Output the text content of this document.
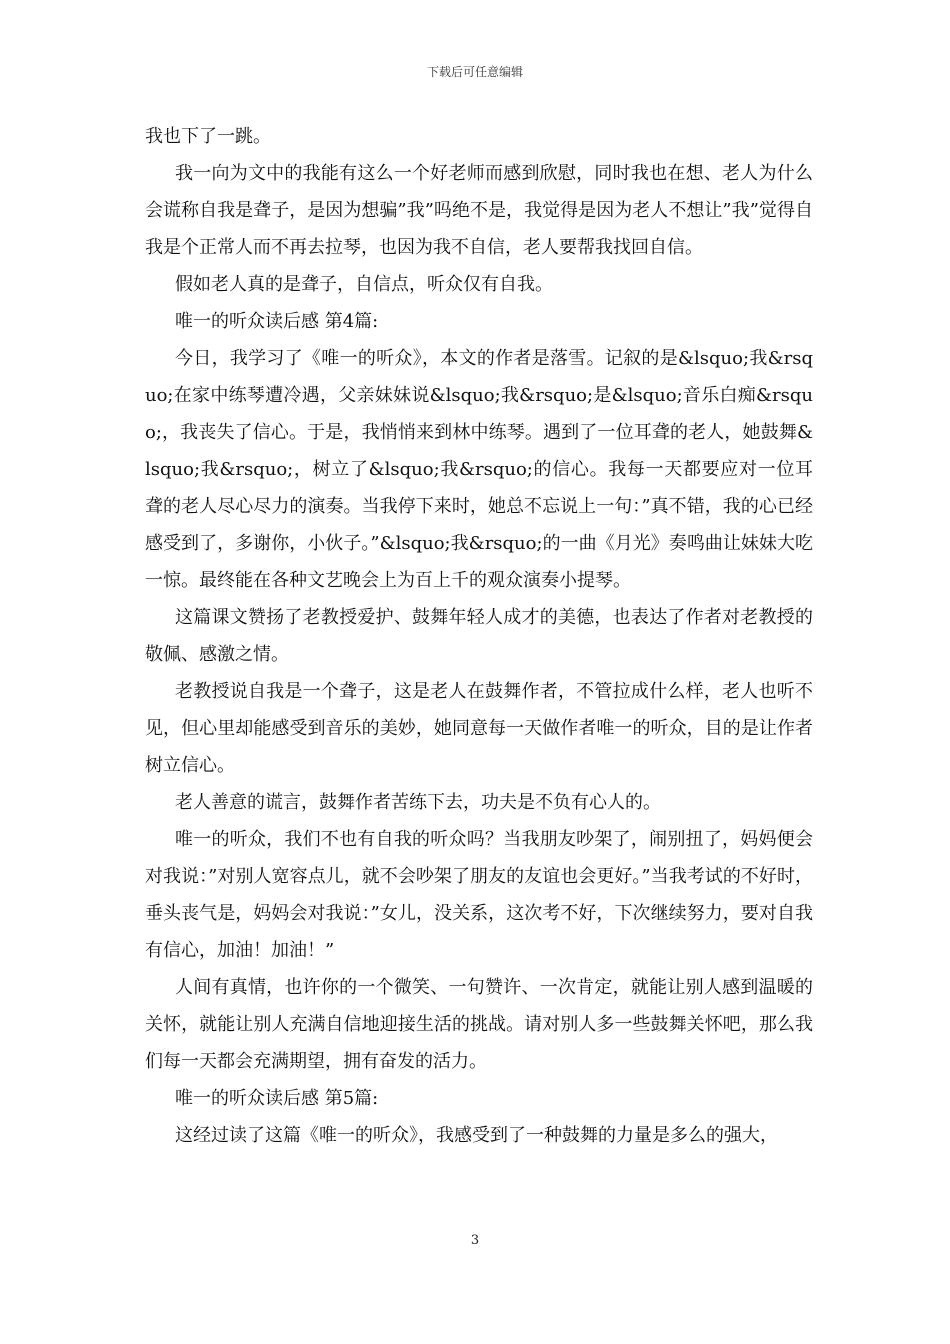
下载后可任意编辑

我也下了一跳。

我一向为文中的我能有这么一个好老师而感到欣慰，同时我也在想、老人为什么会谎称自我是聋子，是因为想骗”我”吗绝不是，我觉得是因为老人不想让”我”觉得自我是个正常人而不再去拉琴，也因为我不自信，老人要帮我找回自信。

假如老人真的是聋子，自信点，听众仅有自我。

唯一的听众读后感 第4篇:

今日，我学习了《唯一的听众》，本文的作者是落雪。记叙的是&lsquo;我&rsquo;在家中练琴遭冷遇，父亲妹妹说&lsquo;我&rsquo;是&lsquo;音乐白痴&rsquo;，我丧失了信心。于是，我悄悄来到林中练琴。遇到了一位耳聋的老人，她鼓舞&lsquo;我&rsquo;，树立了&lsquo;我&rsquo;的信心。我每一天都要应对一位耳聋的老人尽心尽力的演奏。当我停下来时，她总不忘说上一句：”真不错，我的心已经感受到了，多谢你，小伙子。”&lsquo;我&rsquo;的一曲《月光》奏鸣曲让妹妹大吃一惊。最终能在各种文艺晚会上为百上千的观众演奏小提琴。

这篇课文赞扬了老教授爱护、鼓舞年轻人成才的美德，也表达了作者对老教授的敬佩、感激之情。

老教授说自我是一个聋子，这是老人在鼓舞作者，不管拉成什么样，老人也听不见，但心里却能感受到音乐的美妙，她同意每一天做作者唯一的听众，目的是让作者树立信心。

老人善意的谎言，鼓舞作者苦练下去，功夫是不负有心人的。

唯一的听众，我们不也有自我的听众吗？当我朋友吵架了，闹别扭了，妈妈便会对我说：”对别人宽容点儿，就不会吵架了朋友的友谊也会更好。”当我考试的不好时，垂头丧气是，妈妈会对我说：”女儿，没关系，这次考不好，下次继续努力，要对自我有信心，加油！加油！”

人间有真情，也许你的一个微笑、一句赞许、一次肯定，就能让别人感到温暖的关怀，就能让别人充满自信地迎接生活的挑战。请对别人多一些鼓舞关怀吧，那么我们每一天都会充满期望，拥有奋发的活力。

唯一的听众读后感 第5篇:

这经过读了这篇《唯一的听众》，我感受到了一种鼓舞的力量是多么的强大，

3
